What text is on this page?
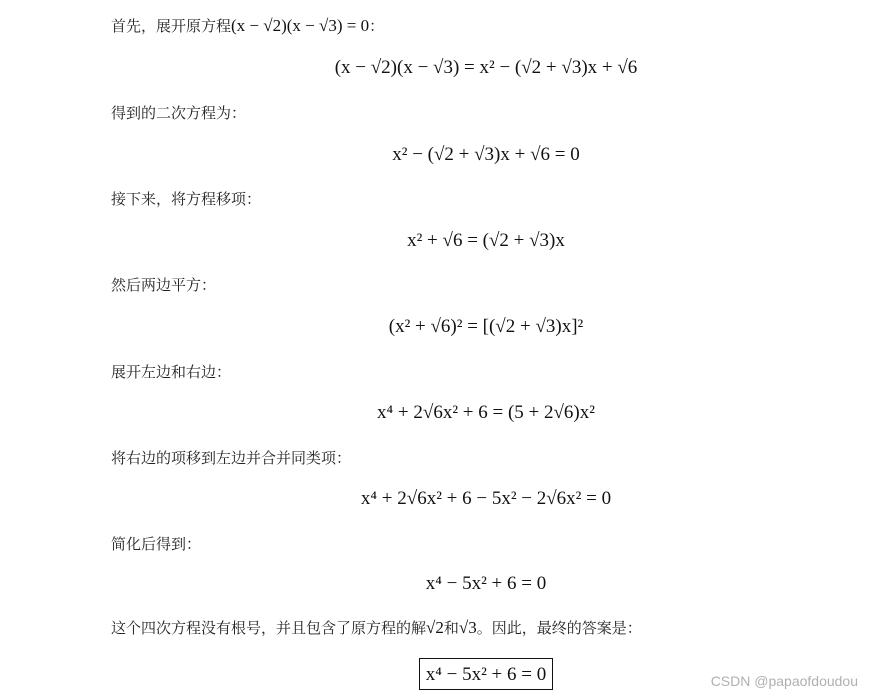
首先，展开原方程(x − √2)(x − √3) = 0：
(x − √2)(x − √3) = x² − (√2 + √3)x + √6
得到的二次方程为：
x² − (√2 + √3)x + √6 = 0
接下来，将方程移项：
x² + √6 = (√2 + √3)x
然后两边平方：
(x² + √6)² = [(√2 + √3)x]²
展开左边和右边：
x⁴ + 2√6x² + 6 = (5 + 2√6)x²
将右边的项移到左边并合并同类项：
x⁴ + 2√6x² + 6 − 5x² − 2√6x² = 0
简化后得到：
x⁴ − 5x² + 6 = 0
这个四次方程没有根号，并且包含了原方程的解√2和√3。因此，最终的答案是：
x⁴ − 5x² + 6 = 0	CSDN @papaofdoudou
